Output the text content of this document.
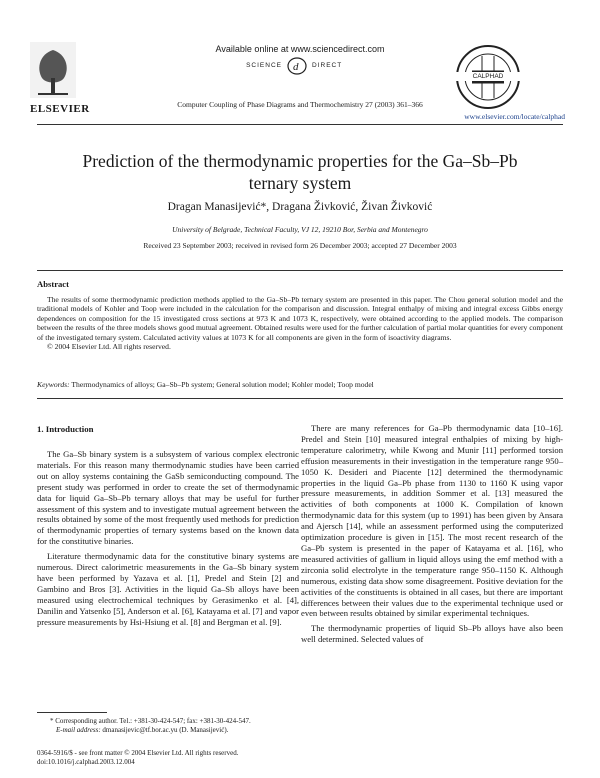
ELSEVIER
Available online at www.sciencedirect.com
SCIENCE d DIRECT
Computer Coupling of Phase Diagrams and Thermochemistry 27 (2003) 361–366
CALPHAD
www.elsevier.com/locate/calphad
Prediction of the thermodynamic properties for the Ga–Sb–Pb ternary system
Dragan Manasijević*, Dragana Živković, Živan Živković
University of Belgrade, Technical Faculty, VJ 12, 19210 Bor, Serbia and Montenegro
Received 23 September 2003; received in revised form 26 December 2003; accepted 27 December 2003
Abstract
The results of some thermodynamic prediction methods applied to the Ga–Sb–Pb ternary system are presented in this paper. The Chou general solution model and the traditional models of Kohler and Toop were included in the calculation for the comparison and discussion. Integral enthalpy of mixing and integral excess Gibbs energy dependences on composition for the 15 investigated cross sections at 973 K and 1073 K, respectively, were obtained according to the applied models. The comparison between the results of the three models shows good mutual agreement. Obtained results were used for the further calculation of partial molar quantities for every component of the investigated ternary system. Calculated activity values at 1073 K for all components are given in the form of isoactivity diagrams.
© 2004 Elsevier Ltd. All rights reserved.
Keywords: Thermodynamics of alloys; Ga–Sb–Pb system; General solution model; Kohler model; Toop model
1. Introduction

The Ga–Sb binary system is a subsystem of various complex electronic materials. For this reason many thermodynamic studies have been carried out on alloy systems containing the GaSb semiconducting compound. The present study was performed in order to create the set of thermodynamic data for liquid Ga–Sb–Pb ternary alloys that may be useful for further assessment of this system and to investigate mutual agreement between the results obtained by some of the most frequently used methods for prediction of thermodynamic properties of ternary systems based on the known data for the constitutive binaries.

Literature thermodynamic data for the constitutive binary systems are numerous. Direct calorimetric measurements in the Ga–Sb binary system have been performed by Yazava et al. [1], Predel and Stein [2] and Gambino and Bros [3]. Activities in the liquid Ga–Sb alloys have been measured using electrochemical techniques by Gerasimenko et al. [4], Danilin and Yatsenko [5], Anderson et al. [6], Katayama et al. [7] and vapor pressure measurements by Hsi-Hsiung et al. [8] and Bergman et al. [9].

There are many references for Ga–Pb thermodynamic data [10–16]. Predel and Stein [10] measured integral enthalpies of mixing by high-temperature calorimetry, while Kwong and Munir [11] performed torsion effusion measurements in their investigation in the temperature range 950–1050 K. Desideri and Piacente [12] determined the thermodynamic properties in the liquid Ga–Pb phase from 1130 to 1160 K using vapor pressure measurements, in addition Sommer et al. [13] measured the activities of both components at 1000 K. Compilation of known thermodynamic data for this system (up to 1991) has been given by Ansara and Ajersch [14], while an assessment performed using the computerized optimization procedure is given in [15]. The most recent research of the Ga–Pb system is presented in the paper of Katayama et al. [16], who measured activities of gallium in liquid alloys using the emf method with a zirconia solid electrolyte in the temperature range 950–1150 K. Although numerous, existing data show some disagreement. Positive deviation for the activities of the constituents is obtained in all cases, but there are important differences between their values due to the experimental technique used or even between results obtained by similar experimental techniques.

The thermodynamic properties of liquid Sb–Pb alloys have also been well determined. Selected values of

* Corresponding author. Tel.: +381-30-424-547; fax: +381-30-424-547.
E-mail address: dmanasijevic@tf.bor.ac.yu (D. Manasijević).
0364-5916/$ - see front matter © 2004 Elsevier Ltd. All rights reserved.
doi:10.1016/j.calphad.2003.12.004
